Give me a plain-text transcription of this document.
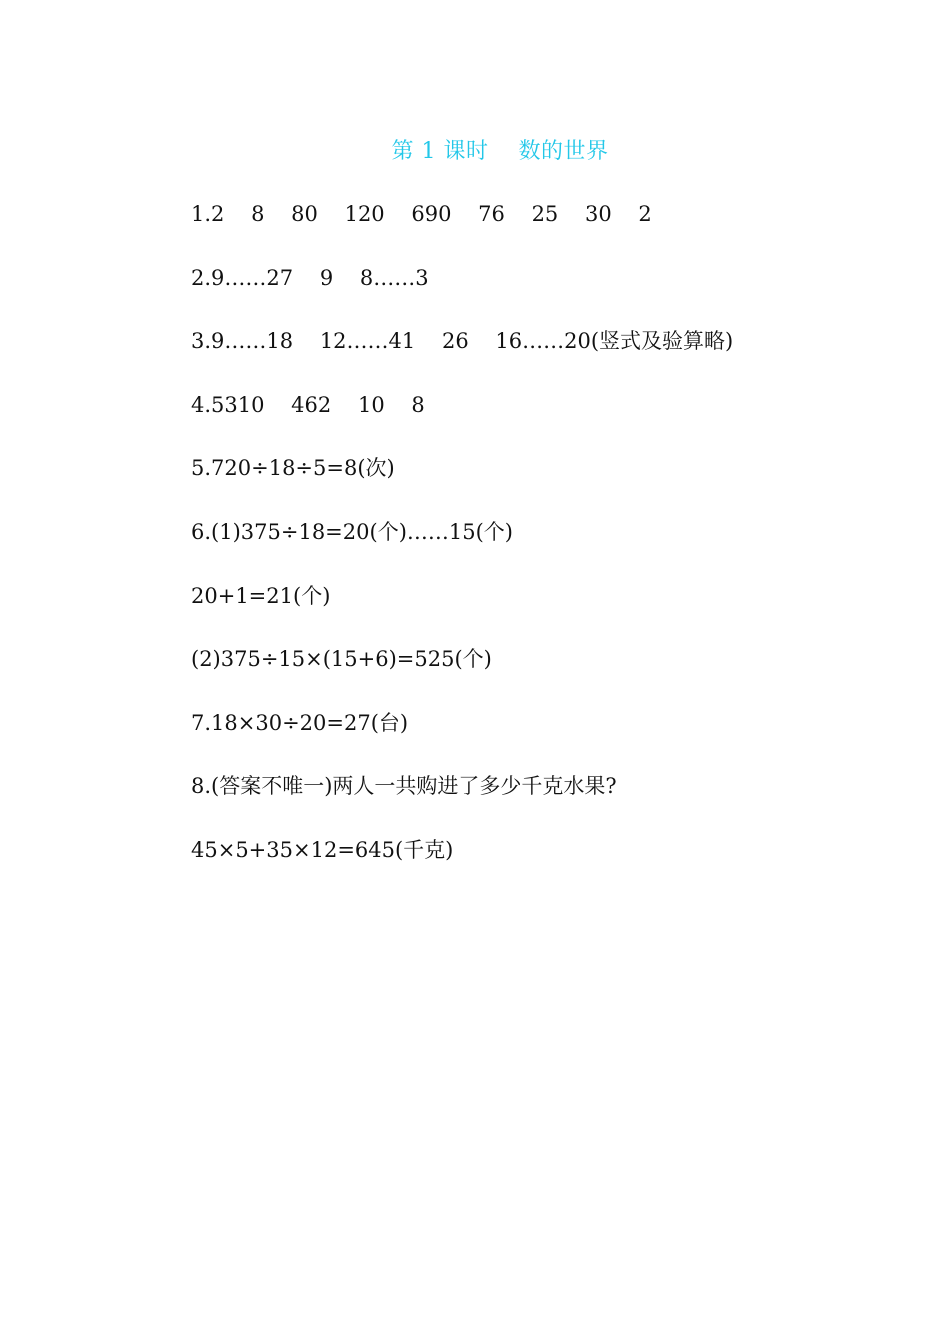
第 1 课时    数的世界
1.2    8    80    120    690    76    25    30    2
2.9……27    9    8……3
3.9……18    12……41    26    16……20(竖式及验算略)
4.5310    462    10    8
5.720÷18÷5=8(次)
6.(1)375÷18=20(个)……15(个)
20+1=21(个)
(2)375÷15×(15+6)=525(个)
7.18×30÷20=27(台)
8.(答案不唯一)两人一共购进了多少千克水果?
45×5+35×12=645(千克)
